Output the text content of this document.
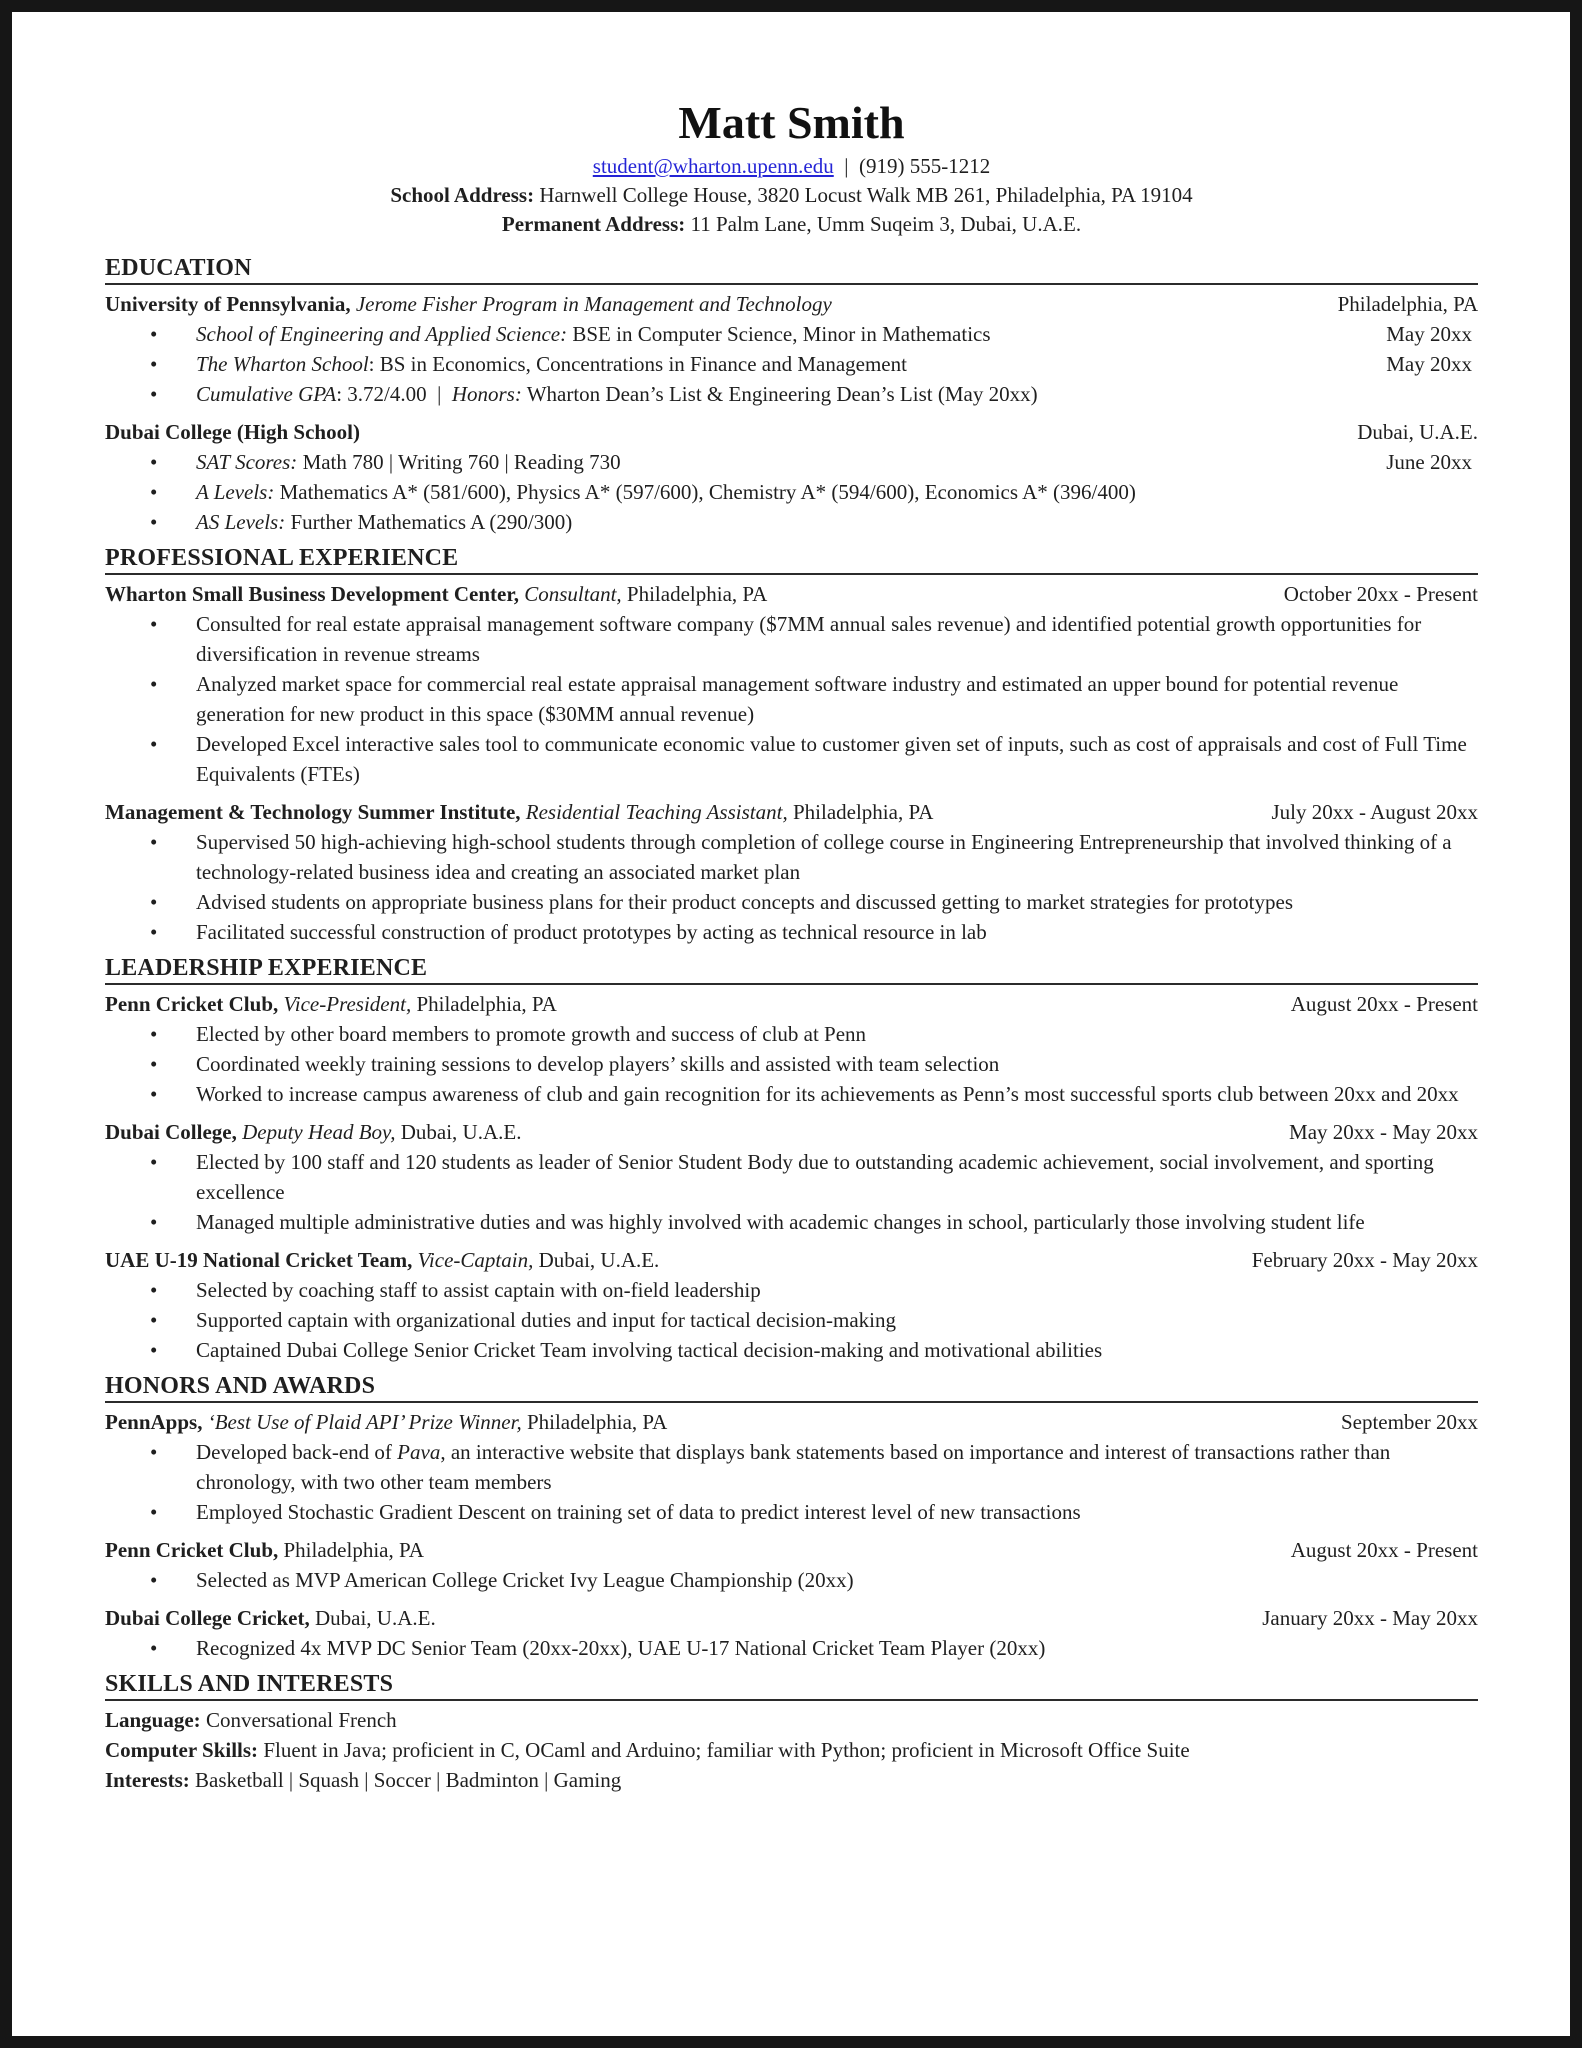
Matt Smith
student@wharton.upenn.edu  |  (919) 555-1212
School Address: Harnwell College House, 3820 Locust Walk MB 261, Philadelphia, PA 19104
Permanent Address: 11 Palm Lane, Umm Suqeim 3, Dubai, U.A.E.
EDUCATION
University of Pennsylvania, Jerome Fisher Program in Management and Technology	Philadelphia, PA
• School of Engineering and Applied Science: BSE in Computer Science, Minor in Mathematics	May 20xx
• The Wharton School: BS in Economics, Concentrations in Finance and Management	May 20xx
• Cumulative GPA: 3.72/4.00  |  Honors: Wharton Dean’s List & Engineering Dean’s List (May 20xx)
Dubai College (High School)	Dubai, U.A.E.
• SAT Scores: Math 780 | Writing 760 | Reading 730	June 20xx
• A Levels: Mathematics A* (581/600), Physics A* (597/600), Chemistry A* (594/600), Economics A* (396/400)
• AS Levels: Further Mathematics A (290/300)
PROFESSIONAL EXPERIENCE
Wharton Small Business Development Center, Consultant, Philadelphia, PA	October 20xx - Present
• Consulted for real estate appraisal management software company ($7MM annual sales revenue) and identified potential growth opportunities for diversification in revenue streams
• Analyzed market space for commercial real estate appraisal management software industry and estimated an upper bound for potential revenue generation for new product in this space ($30MM annual revenue)
• Developed Excel interactive sales tool to communicate economic value to customer given set of inputs, such as cost of appraisals and cost of Full Time Equivalents (FTEs)
Management & Technology Summer Institute, Residential Teaching Assistant, Philadelphia, PA	July 20xx - August 20xx
• Supervised 50 high-achieving high-school students through completion of college course in Engineering Entrepreneurship that involved thinking of a technology-related business idea and creating an associated market plan
• Advised students on appropriate business plans for their product concepts and discussed getting to market strategies for prototypes
• Facilitated successful construction of product prototypes by acting as technical resource in lab
LEADERSHIP EXPERIENCE
Penn Cricket Club, Vice-President, Philadelphia, PA	August 20xx - Present
• Elected by other board members to promote growth and success of club at Penn
• Coordinated weekly training sessions to develop players’ skills and assisted with team selection
• Worked to increase campus awareness of club and gain recognition for its achievements as Penn’s most successful sports club between 20xx and 20xx
Dubai College, Deputy Head Boy, Dubai, U.A.E.	May 20xx - May 20xx
• Elected by 100 staff and 120 students as leader of Senior Student Body due to outstanding academic achievement, social involvement, and sporting excellence
• Managed multiple administrative duties and was highly involved with academic changes in school, particularly those involving student life
UAE U-19 National Cricket Team, Vice-Captain, Dubai, U.A.E.	February 20xx - May 20xx
• Selected by coaching staff to assist captain with on-field leadership
• Supported captain with organizational duties and input for tactical decision-making
• Captained Dubai College Senior Cricket Team involving tactical decision-making and motivational abilities
HONORS AND AWARDS
PennApps, ‘Best Use of Plaid API’ Prize Winner, Philadelphia, PA	September 20xx
• Developed back-end of Pava, an interactive website that displays bank statements based on importance and interest of transactions rather than chronology, with two other team members
• Employed Stochastic Gradient Descent on training set of data to predict interest level of new transactions
Penn Cricket Club, Philadelphia, PA	August 20xx - Present
• Selected as MVP American College Cricket Ivy League Championship (20xx)
Dubai College Cricket, Dubai, U.A.E.	January 20xx - May 20xx
• Recognized 4x MVP DC Senior Team (20xx-20xx), UAE U-17 National Cricket Team Player (20xx)
SKILLS AND INTERESTS
Language: Conversational French
Computer Skills: Fluent in Java; proficient in C, OCaml and Arduino; familiar with Python; proficient in Microsoft Office Suite
Interests: Basketball | Squash | Soccer | Badminton | Gaming
